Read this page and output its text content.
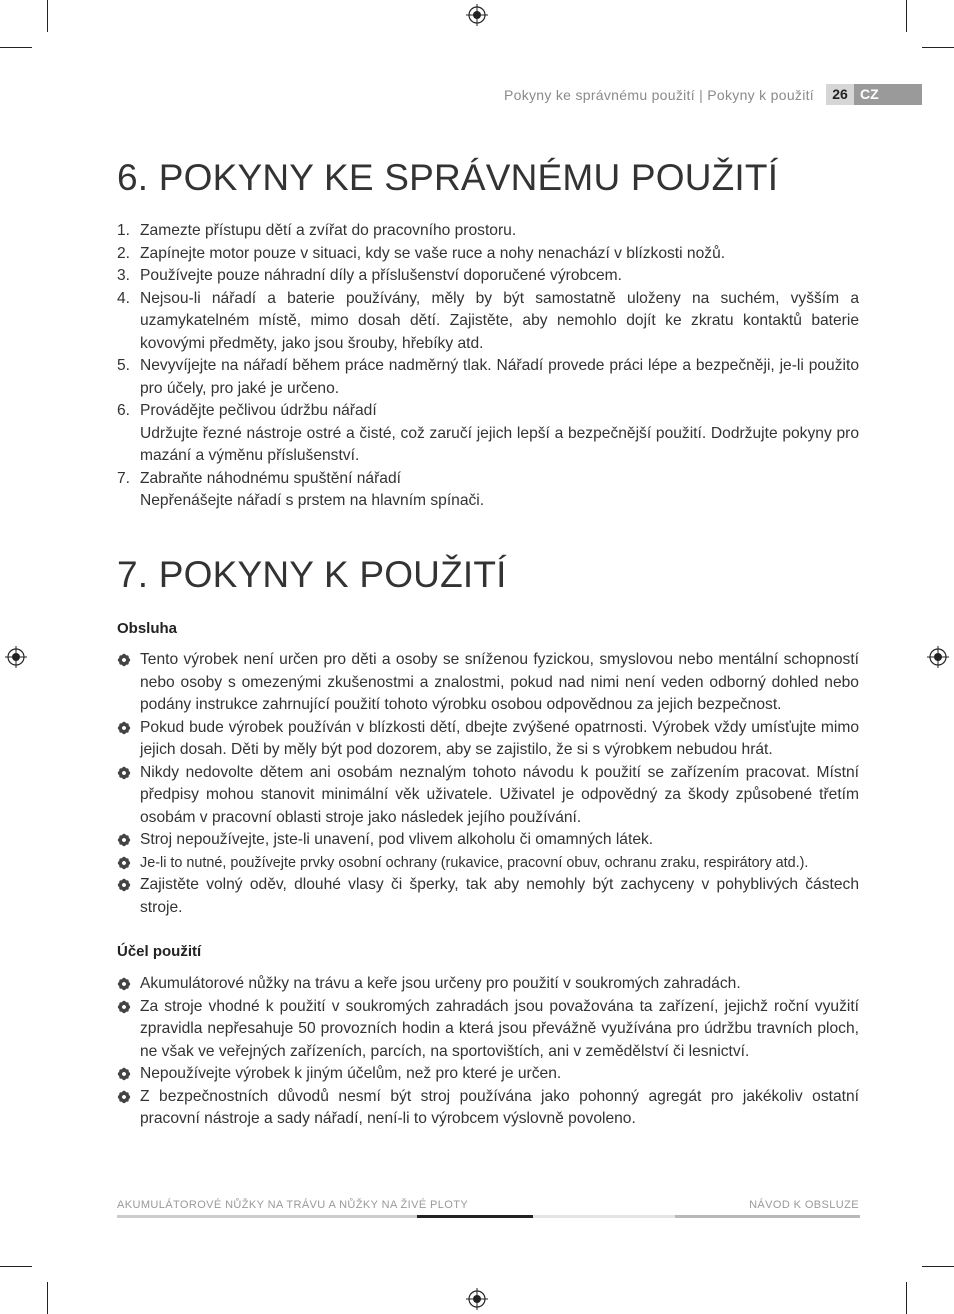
Pokyny ke správnému použití | Pokyny k použití	26 CZ
6. POKYNY KE SPRÁVNÉMU POUŽITÍ
1. Zamezte přístupu dětí a zvířat do pracovního prostoru.
2. Zapínejte motor pouze v situaci, kdy se vaše ruce a nohy nenachází v blízkosti nožů.
3. Používejte pouze náhradní díly a příslušenství doporučené výrobcem.
4. Nejsou-li nářadí a baterie používány, měly by být samostatně uloženy na suchém, vyšším a uzamykatelném místě, mimo dosah dětí. Zajistěte, aby nemohlo dojít ke zkratu kontaktů baterie kovovými předměty, jako jsou šrouby, hřebíky atd.
5. Nevyvíjejte na nářadí během práce nadměrný tlak. Nářadí provede práci lépe a bezpečněji, je-li použito pro účely, pro jaké je určeno.
6. Provádějte pečlivou údržbu nářadí
Udržujte řezné nástroje ostré a čisté, což zaručí jejich lepší a bezpečnější použití. Dodržujte pokyny pro mazání a výměnu příslušenství.
7. Zabraňte náhodnému spuštění nářadí
Nepřenášejte nářadí s prstem na hlavním spínači.
7. POKYNY K POUŽITÍ
Obsluha
Tento výrobek není určen pro děti a osoby se sníženou fyzickou, smyslovou nebo mentální schopností nebo osoby s omezenými zkušenostmi a znalostmi, pokud nad nimi není veden odborný dohled nebo podány instrukce zahrnující použití tohoto výrobku osobou odpovědnou za jejich bezpečnost.
Pokud bude výrobek používán v blízkosti dětí, dbejte zvýšené opatrnosti. Výrobek vždy umísťujte mimo jejich dosah. Děti by měly být pod dozorem, aby se zajistilo, že si s výrobkem nebudou hrát.
Nikdy nedovolte dětem ani osobám neznalým tohoto návodu k použití se zařízením pracovat. Místní předpisy mohou stanovit minimální věk uživatele. Uživatel je odpovědný za škody způsobené třetím osobám v pracovní oblasti stroje jako následek jejího používání.
Stroj nepoužívejte, jste-li unavení, pod vlivem alkoholu či omamných látek.
Je-li to nutné, používejte prvky osobní ochrany (rukavice, pracovní obuv, ochranu zraku, respirátory atd.).
Zajistěte volný oděv, dlouhé vlasy či šperky, tak aby nemohly být zachyceny v pohyblivých částech stroje.
Účel použití
Akumulátorové nůžky na trávu a keře jsou určeny pro použití v soukromých zahradách.
Za stroje vhodné k použití v soukromých zahradách jsou považována ta zařízení, jejichž roční využití zpravidla nepřesahuje 50 provozních hodin a která jsou převážně využívána pro údržbu travních ploch, ne však ve veřejných zařízeních, parcích, na sportovištích, ani v zemědělství či lesnictví.
Nepoužívejte výrobek k jiným účelům, než pro které je určen.
Z bezpečnostních důvodů nesmí být stroj používána jako pohonný agregát pro jakékoliv ostatní pracovní nástroje a sady nářadí, není-li to výrobcem výslovně povoleno.
AKUMULÁTOROVÉ NŮŽKY NA TRÁVU A NŮŽKY NA ŽIVÉ PLOTY	NÁVOD K OBSLUZE
